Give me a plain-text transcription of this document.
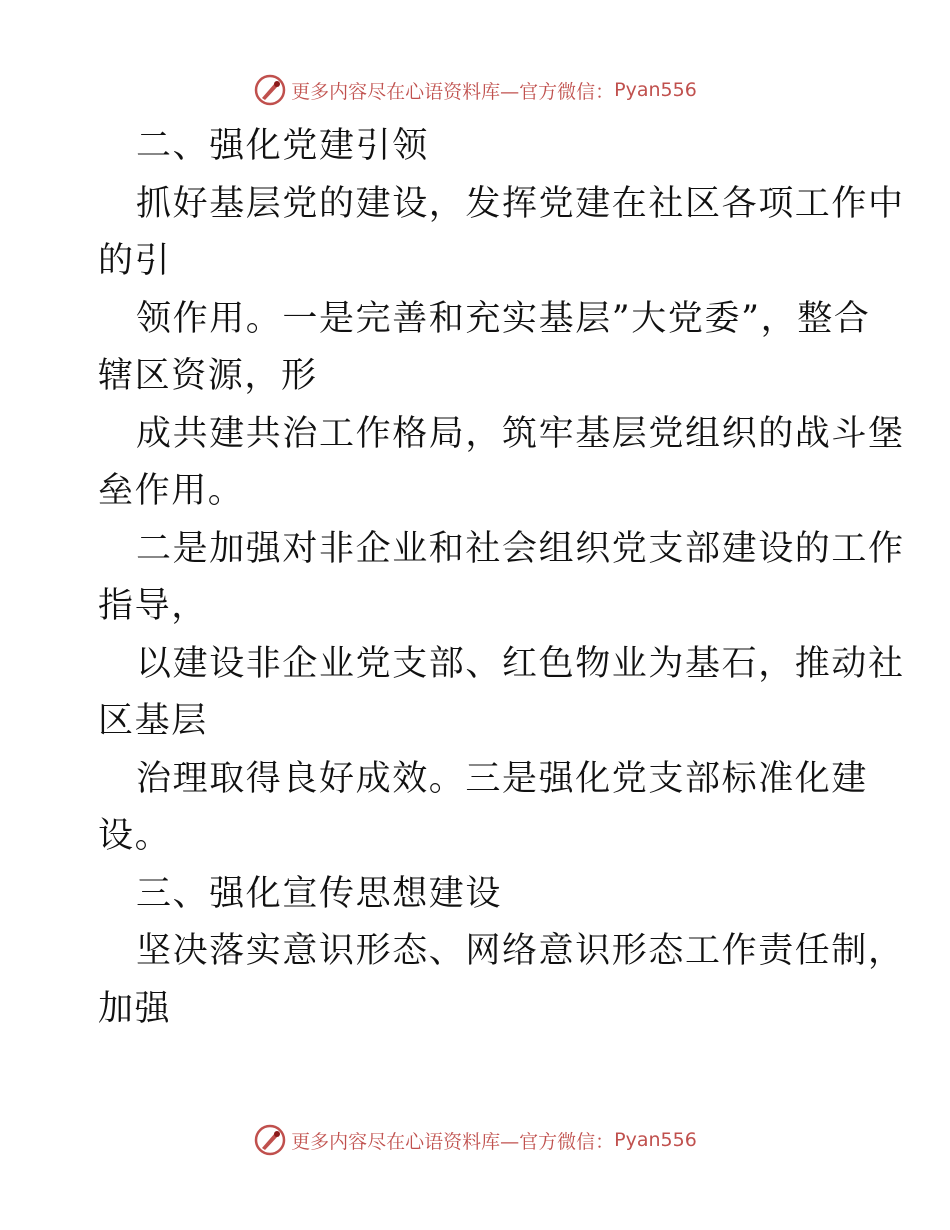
更多内容尽在心语资料库—官方微信： Pyan556
二、强化党建引领
抓好基层党的建设，发挥党建在社区各项工作中
的引
领作用。一是完善和充实基层”大党委”，整合
辖区资源，形
成共建共治工作格局，筑牢基层党组织的战斗堡
垒作用。
二是加强对非企业和社会组织党支部建设的工作
指导，
以建设非企业党支部、红色物业为基石，推动社
区基层
治理取得良好成效。三是强化党支部标准化建
设。
三、强化宣传思想建设
坚决落实意识形态、网络意识形态工作责任制，
加强
更多内容尽在心语资料库—官方微信： Pyan556
